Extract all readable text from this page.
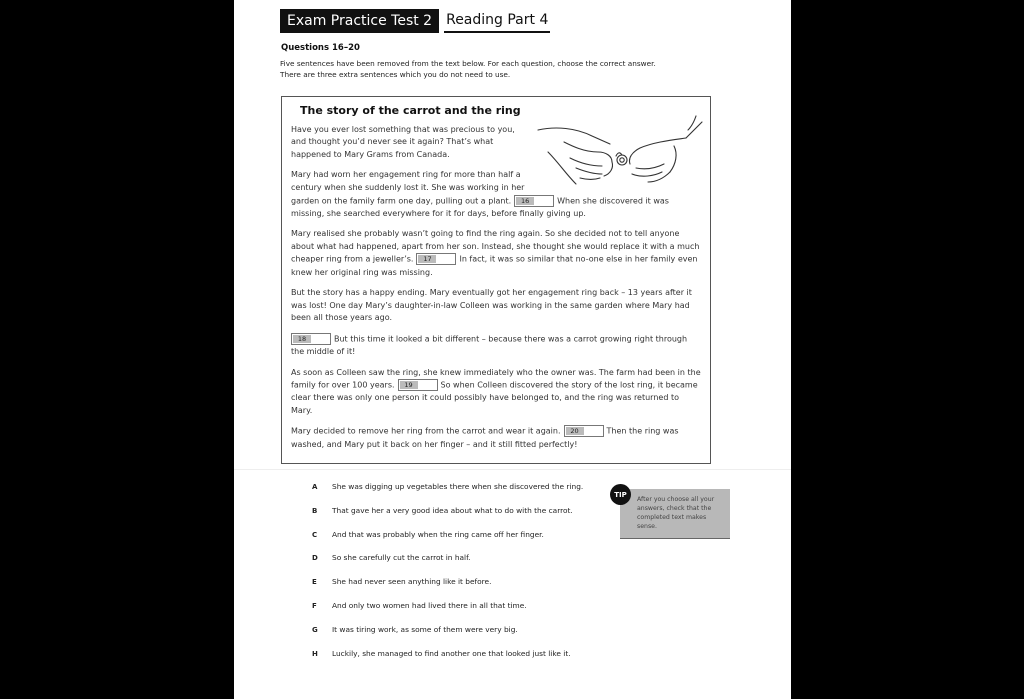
Exam Practice Test 2	Reading Part 4
Questions 16–20
Five sentences have been removed from the text below. For each question, choose the correct answer.
There are three extra sentences which you do not need to use.
The story of the carrot and the ring

Have you ever lost something that was precious to you, and thought you’d never see it again? That’s what happened to Mary Grams from Canada.

Mary had worn her engagement ring for more than half a century when she suddenly lost it. She was working in her garden on the family farm one day, pulling out a plant.	16	When she discovered it was missing, she searched everywhere for it for days, before finally giving up.

Mary realised she probably wasn’t going to find the ring again. So she decided not to tell anyone about what had happened, apart from her son. Instead, she thought she would replace it with a much cheaper ring from a jeweller’s.	17	In fact, it was so similar that no-one else in her family even knew her original ring was missing.

But the story has a happy ending. Mary eventually got her engagement ring back – 13 years after it was lost! One day Mary’s daughter-in-law Colleen was working in the same garden where Mary had been all those years ago.

18	But this time it looked a bit different – because there was a carrot growing right through the middle of it!

As soon as Colleen saw the ring, she knew immediately who the owner was. The farm had been in the family for over 100 years.	19	So when Colleen discovered the story of the lost ring, it became clear there was only one person it could possibly have belonged to, and the ring was returned to Mary.

Mary decided to remove her ring from the carrot and wear it again.	20	Then the ring was washed, and Mary put it back on her finger – and it still fitted perfectly!

A	She was digging up vegetables there when she discovered the ring.
B	That gave her a very good idea about what to do with the carrot.
C	And that was probably when the ring came off her finger.
D	So she carefully cut the carrot in half.
E	She had never seen anything like it before.
F	And only two women had lived there in all that time.
G	It was tiring work, as some of them were very big.
H	Luckily, she managed to find another one that looked just like it.
After you choose all your answers, check that the completed text makes sense.
TIP
